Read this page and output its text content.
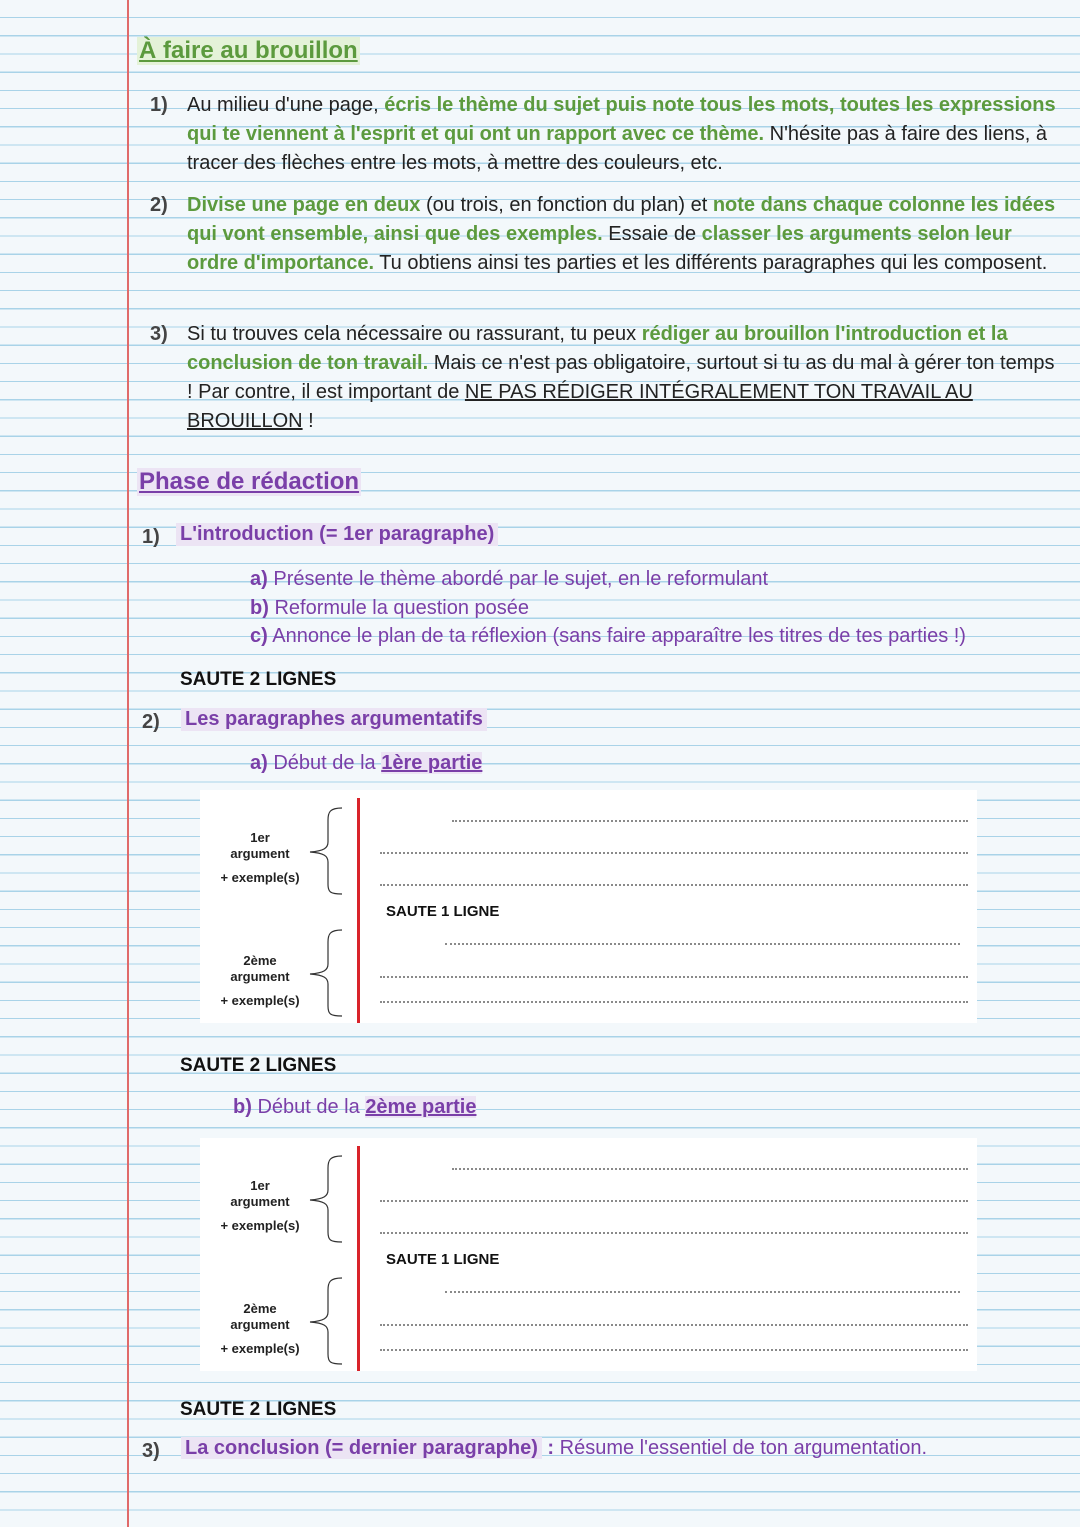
À faire au brouillon
1) Au milieu d'une page, écris le thème du sujet puis note tous les mots, toutes les expressions qui te viennent à l'esprit et qui ont un rapport avec ce thème. N'hésite pas à faire des liens, à tracer des flèches entre les mots, à mettre des couleurs, etc.
2) Divise une page en deux (ou trois, en fonction du plan) et note dans chaque colonne les idées qui vont ensemble, ainsi que des exemples. Essaie de classer les arguments selon leur ordre d'importance. Tu obtiens ainsi tes parties et les différents paragraphes qui les composent.
3) Si tu trouves cela nécessaire ou rassurant, tu peux rédiger au brouillon l'introduction et la conclusion de ton travail. Mais ce n'est pas obligatoire, surtout si tu as du mal à gérer ton temps ! Par contre, il est important de NE PAS RÉDIGER INTÉGRALEMENT TON TRAVAIL AU BROUILLON !
Phase de rédaction
1) L'introduction (= 1er paragraphe)
a) Présente le thème abordé par le sujet, en le reformulant
b) Reformule la question posée
c) Annonce le plan de ta réflexion (sans faire apparaître les titres de tes parties !)
SAUTE 2 LIGNES
2) Les paragraphes argumentatifs
a) Début de la 1ère partie
1er
argument
+ exemple(s)
2ème
argument
+ exemple(s)
SAUTE 1 LIGNE
SAUTE 2 LIGNES
b) Début de la 2ème partie
1er
argument
+ exemple(s)
2ème
argument
+ exemple(s)
SAUTE 1 LIGNE
SAUTE 2 LIGNES
3) La conclusion (= dernier paragraphe) : Résume l'essentiel de ton argumentation.
